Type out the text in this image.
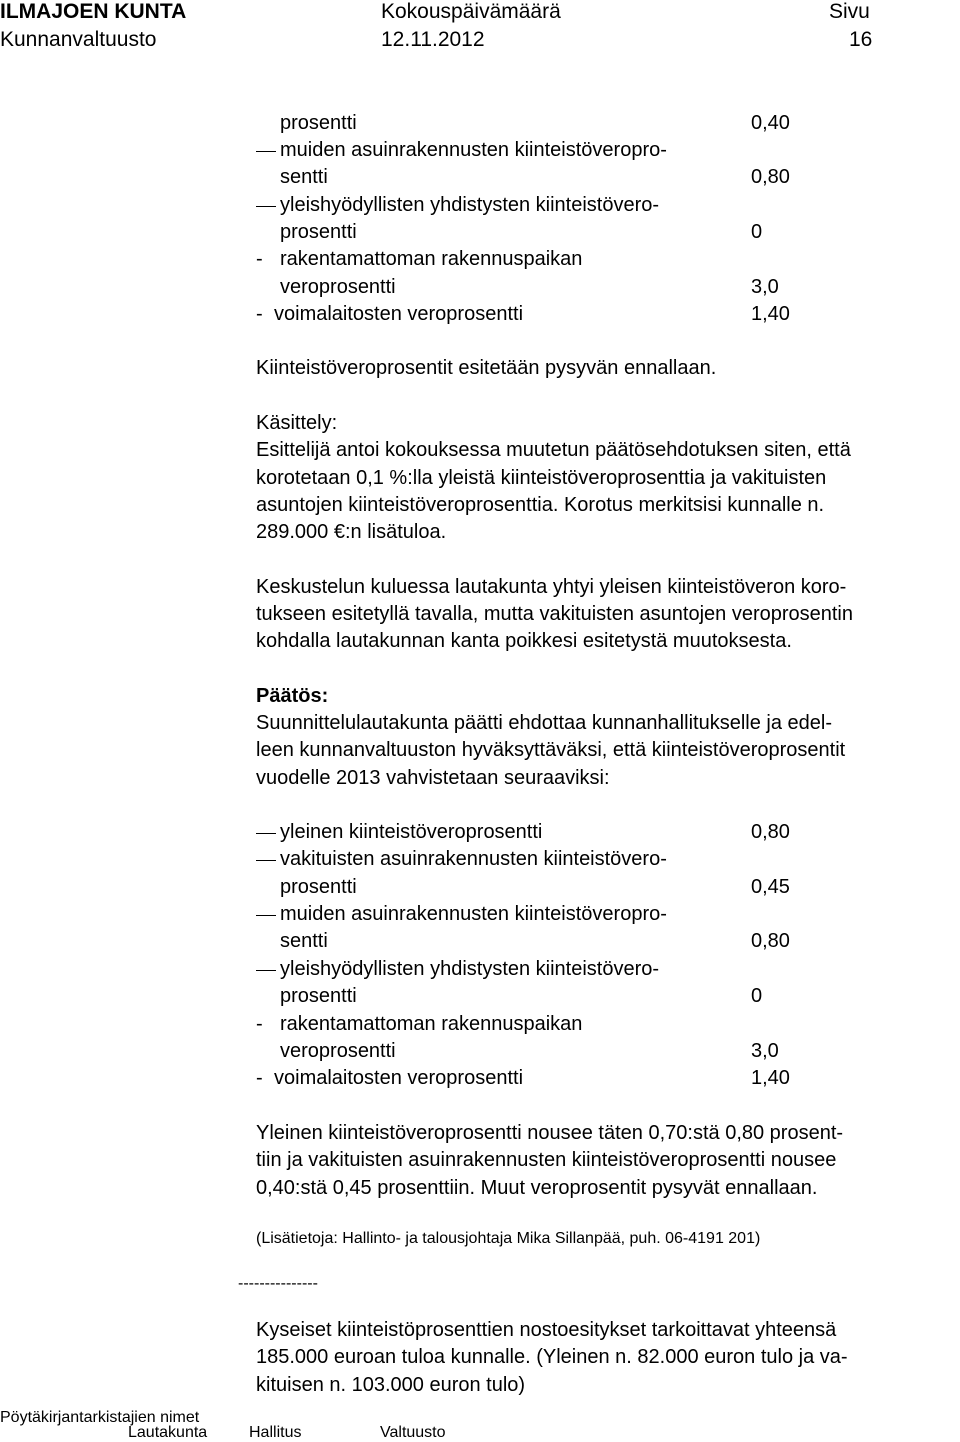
ILMAJOEN KUNTA	Kokouspäivämäärä	Sivu
Kunnanvaltuusto	12.11.2012	16
prosentti	0,40
muiden asuinrakennusten kiinteistöveropro-
sentti	0,80
yleishyödyllisten yhdistysten kiinteistövero-
prosentti	0
- rakentamattoman rakennuspaikan
veroprosentti	3,0
- voimalaitosten veroprosentti	1,40
Kiinteistöveroprosentit esitetään pysyvän ennallaan.
Käsittely:
Esittelijä antoi kokouksessa muutetun päätösehdotuksen siten, että
korotetaan 0,1 %:lla yleistä kiinteistöveroprosenttia ja vakituisten
asuntojen kiinteistöveroprosenttia. Korotus merkitsisi kunnalle n.
289.000 €:n lisätuloa.
Keskustelun kuluessa lautakunta yhtyi yleisen kiinteistöveron koro-
tukseen esitetyllä tavalla, mutta vakituisten asuntojen veroprosentin
kohdalla lautakunnan kanta poikkesi esitetystä muutoksesta.
Päätös:
Suunnittelulautakunta päätti ehdottaa kunnanhallitukselle ja edel-
leen kunnanvaltuuston hyväksyttäväksi, että kiinteistöveroprosentit
vuodelle 2013 vahvistetaan seuraaviksi:
yleinen kiinteistöveroprosentti	0,80
vakituisten asuinrakennusten kiinteistövero-
prosentti	0,45
muiden asuinrakennusten kiinteistöveropro-
sentti	0,80
yleishyödyllisten yhdistysten kiinteistövero-
prosentti	0
- rakentamattoman rakennuspaikan
veroprosentti	3,0
- voimalaitosten veroprosentti	1,40
Yleinen kiinteistöveroprosentti nousee täten 0,70:stä 0,80 prosent-
tiin ja vakituisten asuinrakennusten kiinteistöveroprosentti nousee
0,40:stä 0,45 prosenttiin. Muut veroprosentit pysyvät ennallaan.
(Lisätietoja: Hallinto- ja talousjohtaja Mika Sillanpää, puh. 06-4191 201)
---------------
Kyseiset kiinteistöprosenttien nostoesitykset tarkoittavat yhteensä
185.000 euroan tuloa kunnalle. (Yleinen n. 82.000 euron tulo ja va-
kituisen n. 103.000 euron tulo)
Pöytäkirjantarkistajien nimet
Lautakunta	Hallitus	Valtuusto
